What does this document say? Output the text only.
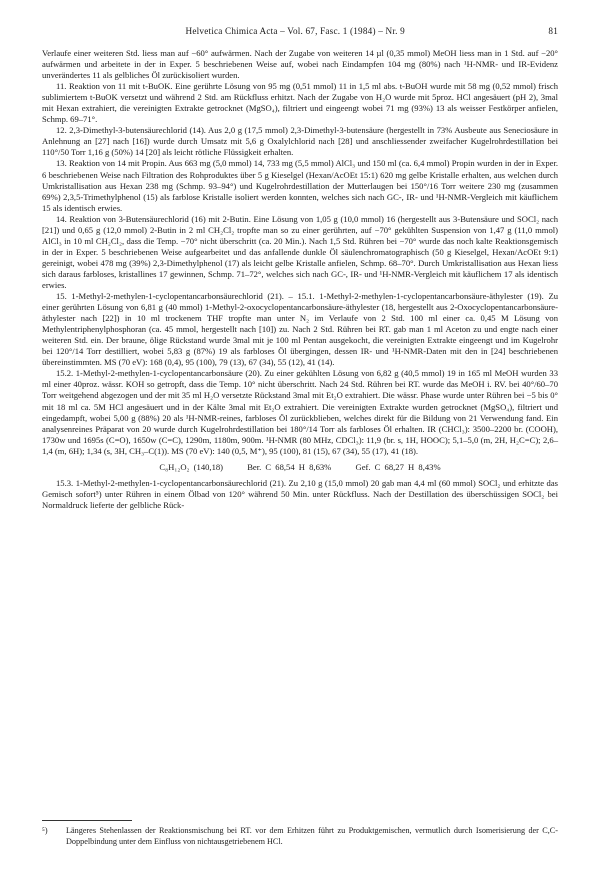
Helvetica Chimica Acta – Vol. 67, Fasc. 1 (1984) – Nr. 9	81

Verlaufe einer weiteren Std. liess man auf −60° aufwärmen. Nach der Zugabe von weiteren 14 µl (0,35 mmol) MeOH liess man in 1 Std. auf −20° aufwärmen und arbeitete in der in Exper. 5 beschriebenen Weise auf, wobei nach Eindampfen 104 mg (80%) nach ¹H-NMR- und IR-Evidenz unverändertes 11 als gelbliches Öl zurückisoliert wurden.

11. Reaktion von 11 mit t-BuOK. Eine gerührte Lösung von 95 mg (0,51 mmol) 11 in 1,5 ml abs. t-BuOH wurde mit 58 mg (0,52 mmol) frisch sublimiertem t-BuOK versetzt und während 2 Std. am Rückfluss erhitzt. Nach der Zugabe von H₂O wurde mit 5proz. HCl angesäuert (pH 2), 3mal mit Hexan extrahiert, die vereinigten Extrakte getrocknet (MgSO₄), filtriert und eingeengt wobei 71 mg (93%) 13 als weisser Festkörper anfielen, Schmp. 69–71°.

12. 2,3-Dimethyl-3-butensäurechlorid (14). Aus 2,0 g (17,5 mmol) 2,3-Dimethyl-3-butensäure (hergestellt in 73% Ausbeute aus Seneciosäure in Anlehnung an [27] nach [16]) wurde durch Umsatz mit 5,6 g Oxalylchlorid nach [28] und anschliessender zweifacher Kugelrohrdestillation bei 110°/50 Torr 1,16 g (50%) 14 [20] als leicht rötliche Flüssigkeit erhalten.

13. Reaktion von 14 mit Propin. Aus 663 mg (5,0 mmol) 14, 733 mg (5,5 mmol) AlCl₃ und 150 ml (ca. 6,4 mmol) Propin wurden in der in Exper. 6 beschriebenen Weise nach Filtration des Rohproduktes über 5 g Kieselgel (Hexan/AcOEt 15:1) 620 mg gelbe Kristalle erhalten, aus welchen durch Umkristallisation aus Hexan 238 mg (Schmp. 93–94°) und Kugelrohrdestillation der Mutterlaugen bei 150°/16 Torr weitere 230 mg (zusammen 69%) 2,3,5-Trimethylphenol (15) als farblose Kristalle isoliert werden konnten, welches sich nach GC-, IR- und ¹H-NMR-Vergleich mit käuflichem 15 als identisch erwies.

14. Reaktion von 3-Butensäurechlorid (16) mit 2-Butin. Eine Lösung von 1,05 g (10,0 mmol) 16 (hergestellt aus 3-Butensäure und SOCl₂ nach [21]) und 0,65 g (12,0 mmol) 2-Butin in 2 ml CH₂Cl₂ tropfte man so zu einer gerührten, auf −70° gekühlten Suspension von 1,47 g (11,0 mmol) AlCl₃ in 10 ml CH₂Cl₂, dass die Temp. −70° nicht überschritt (ca. 20 Min.). Nach 1,5 Std. Rühren bei −70° wurde das noch kalte Reaktionsgemisch in der in Exper. 5 beschriebenen Weise aufgearbeitet und das anfallende dunkle Öl säulenchromatographisch (50 g Kieselgel, Hexan/AcOEt 9:1) gereinigt, wobei 478 mg (39%) 2,3-Dimethylphenol (17) als leicht gelbe Kristalle anfielen, Schmp. 68–70°. Durch Umkristallisation aus Hexan liess sich daraus farbloses, kristallines 17 gewinnen, Schmp. 71–72°, welches sich nach GC-, IR- und ¹H-NMR-Vergleich mit käuflichem 17 als identisch erwies.

15. 1-Methyl-2-methylen-1-cyclopentancarbonsäurechlorid (21). – 15.1. 1-Methyl-2-methylen-1-cyclopentancarbonsäure-äthylester (19). Zu einer gerührten Lösung von 6,81 g (40 mmol) 1-Methyl-2-oxocyclopentancarbonsäure-äthylester (18, hergestellt aus 2-Oxocyclopentancarbonsäure-äthylester nach [22]) in 10 ml trockenem THF tropfte man unter N₂ im Verlaufe von 2 Std. 100 ml einer ca. 0,45 M Lösung von Methylentriphenylphosphoran (ca. 45 mmol, hergestellt nach [10]) zu. Nach 2 Std. Rühren bei RT. gab man 1 ml Aceton zu und engte nach einer weiteren Std. ein. Der braune, ölige Rückstand wurde 3mal mit je 100 ml Pentan ausgekocht, die vereinigten Extrakte eingeengt und im Kugelrohr bei 120°/14 Torr destilliert, wobei 5,83 g (87%) 19 als farbloses Öl übergingen, dessen IR- und ¹H-NMR-Daten mit den in [24] beschriebenen übereinstimmten. MS (70 eV): 168 (0,4), 95 (100), 79 (13), 67 (34), 55 (12), 41 (14).

15.2. 1-Methyl-2-methylen-1-cyclopentancarbonsäure (20). Zu einer gekühlten Lösung von 6,82 g (40,5 mmol) 19 in 165 ml MeOH wurden 33 ml einer 40proz. wässr. KOH so getropft, dass die Temp. 10° nicht überschritt. Nach 24 Std. Rühren bei RT. wurde das MeOH i. RV. bei 40°/60–70 Torr weitgehend abgezogen und der mit 35 ml H₂O versetzte Rückstand 3mal mit Et₂O extrahiert. Die wässr. Phase wurde unter Rühren bei −5 bis 0° mit 18 ml ca. 5M HCl angesäuert und in der Kälte 3mal mit Et₂O extrahiert. Die vereinigten Extrakte wurden getrocknet (MgSO₄), filtriert und eingedampft, wobei 5,00 g (88%) 20 als ¹H-NMR-reines, farbloses Öl zurückblieben, welches direkt für die Bildung von 21 Verwendung fand. Ein analysenreines Präparat von 20 wurde durch Kugelrohrdestillation bei 180°/14 Torr als farbloses Öl erhalten. IR (CHCl₃): 3500–2200 br. (COOH), 1730w und 1695s (C=O), 1650w (C=C), 1290m, 1180m, 900m. ¹H-NMR (80 MHz, CDCl₃): 11,9 (br. s, 1H, HOOC); 5,1–5,0 (m, 2H, H₂C=C); 2,6–1,4 (m, 6H); 1,34 (s, 3H, CH₃–C(1)). MS (70 eV): 140 (0,5, M⁺), 95 (100), 81 (15), 67 (34), 55 (17), 41 (18).

C₈H₁₂O₂ (140,18)	Ber. C 68,54 H 8,63%	Gef. C 68,27 H 8,43%

15.3. 1-Methyl-2-methylen-1-cyclopentancarbonsäurechlorid (21). Zu 2,10 g (15,0 mmol) 20 gab man 4,4 ml (60 mmol) SOCl₂ und erhitzte das Gemisch sofort⁵) unter Rühren in einem Ölbad von 120° während 50 Min. unter Rückfluss. Nach der Destillation des überschüssigen SOCl₂ bei Normaldruck lieferte der gelbliche Rück-

⁵)	Längeres Stehenlassen der Reaktionsmischung bei RT. vor dem Erhitzen führt zu Produktgemischen, vermutlich durch Isomerisierung der C,C-Doppelbindung unter dem Einfluss von nichtausgetriebenem HCl.
